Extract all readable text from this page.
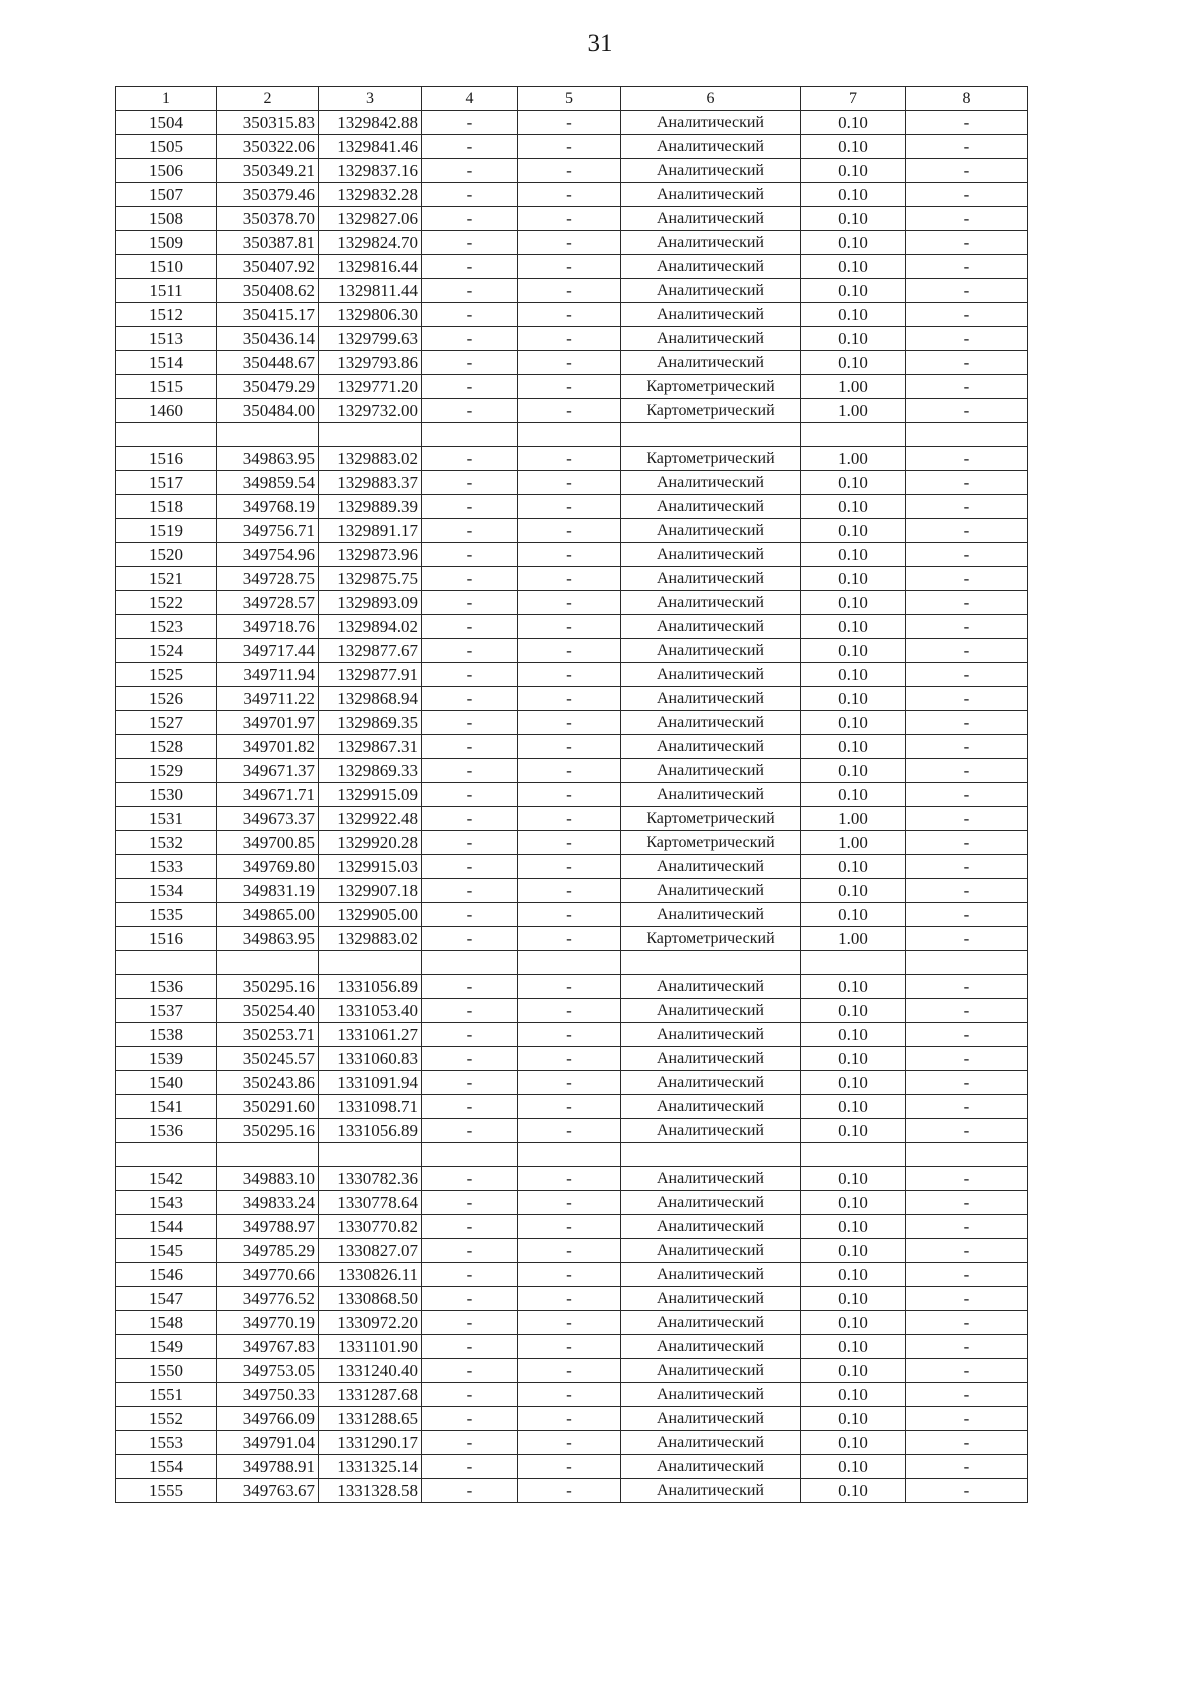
31
1	2	3	4	5	6	7	8
1504	350315.83	1329842.88	-	-	Аналитический	0.10	-
1505	350322.06	1329841.46	-	-	Аналитический	0.10	-
1506	350349.21	1329837.16	-	-	Аналитический	0.10	-
1507	350379.46	1329832.28	-	-	Аналитический	0.10	-
1508	350378.70	1329827.06	-	-	Аналитический	0.10	-
1509	350387.81	1329824.70	-	-	Аналитический	0.10	-
1510	350407.92	1329816.44	-	-	Аналитический	0.10	-
1511	350408.62	1329811.44	-	-	Аналитический	0.10	-
1512	350415.17	1329806.30	-	-	Аналитический	0.10	-
1513	350436.14	1329799.63	-	-	Аналитический	0.10	-
1514	350448.67	1329793.86	-	-	Аналитический	0.10	-
1515	350479.29	1329771.20	-	-	Картометрический	1.00	-
1460	350484.00	1329732.00	-	-	Картометрический	1.00	-

1516	349863.95	1329883.02	-	-	Картометрический	1.00	-
1517	349859.54	1329883.37	-	-	Аналитический	0.10	-
1518	349768.19	1329889.39	-	-	Аналитический	0.10	-
1519	349756.71	1329891.17	-	-	Аналитический	0.10	-
1520	349754.96	1329873.96	-	-	Аналитический	0.10	-
1521	349728.75	1329875.75	-	-	Аналитический	0.10	-
1522	349728.57	1329893.09	-	-	Аналитический	0.10	-
1523	349718.76	1329894.02	-	-	Аналитический	0.10	-
1524	349717.44	1329877.67	-	-	Аналитический	0.10	-
1525	349711.94	1329877.91	-	-	Аналитический	0.10	-
1526	349711.22	1329868.94	-	-	Аналитический	0.10	-
1527	349701.97	1329869.35	-	-	Аналитический	0.10	-
1528	349701.82	1329867.31	-	-	Аналитический	0.10	-
1529	349671.37	1329869.33	-	-	Аналитический	0.10	-
1530	349671.71	1329915.09	-	-	Аналитический	0.10	-
1531	349673.37	1329922.48	-	-	Картометрический	1.00	-
1532	349700.85	1329920.28	-	-	Картометрический	1.00	-
1533	349769.80	1329915.03	-	-	Аналитический	0.10	-
1534	349831.19	1329907.18	-	-	Аналитический	0.10	-
1535	349865.00	1329905.00	-	-	Аналитический	0.10	-
1516	349863.95	1329883.02	-	-	Картометрический	1.00	-

1536	350295.16	1331056.89	-	-	Аналитический	0.10	-
1537	350254.40	1331053.40	-	-	Аналитический	0.10	-
1538	350253.71	1331061.27	-	-	Аналитический	0.10	-
1539	350245.57	1331060.83	-	-	Аналитический	0.10	-
1540	350243.86	1331091.94	-	-	Аналитический	0.10	-
1541	350291.60	1331098.71	-	-	Аналитический	0.10	-
1536	350295.16	1331056.89	-	-	Аналитический	0.10	-

1542	349883.10	1330782.36	-	-	Аналитический	0.10	-
1543	349833.24	1330778.64	-	-	Аналитический	0.10	-
1544	349788.97	1330770.82	-	-	Аналитический	0.10	-
1545	349785.29	1330827.07	-	-	Аналитический	0.10	-
1546	349770.66	1330826.11	-	-	Аналитический	0.10	-
1547	349776.52	1330868.50	-	-	Аналитический	0.10	-
1548	349770.19	1330972.20	-	-	Аналитический	0.10	-
1549	349767.83	1331101.90	-	-	Аналитический	0.10	-
1550	349753.05	1331240.40	-	-	Аналитический	0.10	-
1551	349750.33	1331287.68	-	-	Аналитический	0.10	-
1552	349766.09	1331288.65	-	-	Аналитический	0.10	-
1553	349791.04	1331290.17	-	-	Аналитический	0.10	-
1554	349788.91	1331325.14	-	-	Аналитический	0.10	-
1555	349763.67	1331328.58	-	-	Аналитический	0.10	-
